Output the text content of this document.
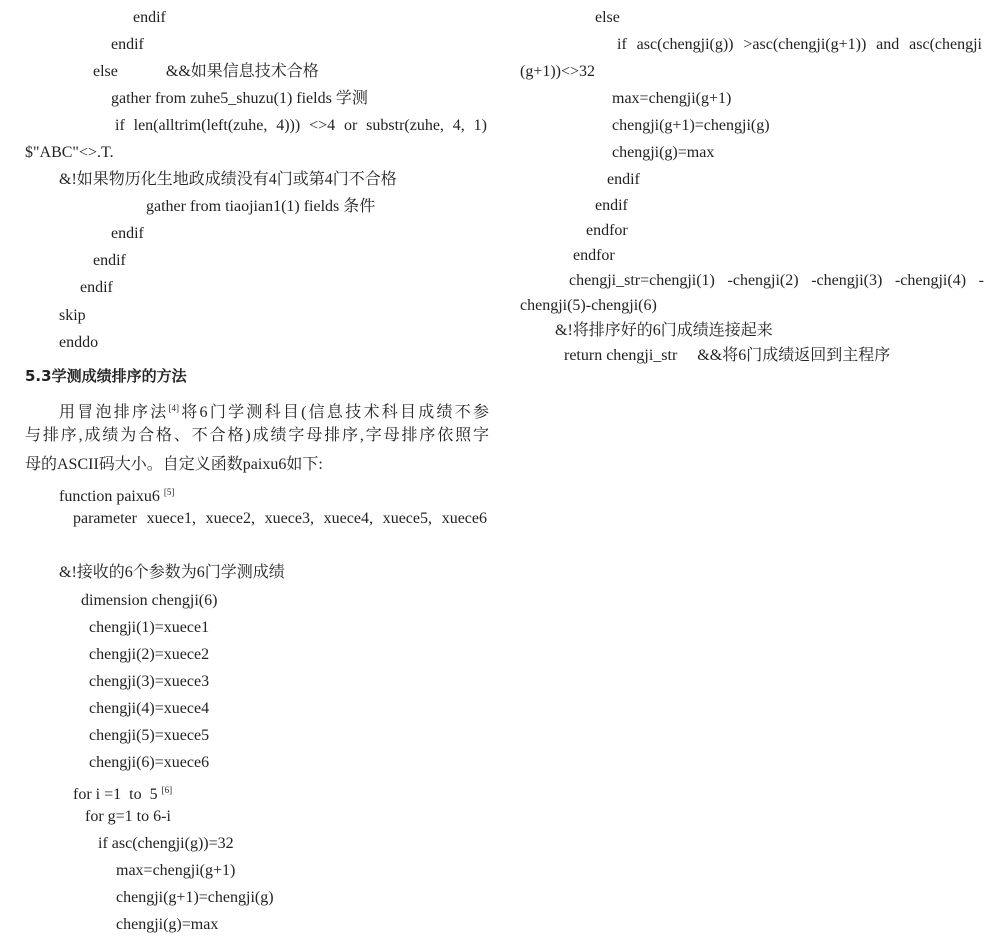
endif
endif
else            &&如果信息技术合格
gather from zuhe5_shuzu(1) fields 学测
if len(alltrim(left(zuhe, 4))) <>4 or substr(zuhe, 4, 1)
$"ABC"<>.T.
&!如果物历化生地政成绩没有4门或第4门不合格
gather from tiaojian1(1) fields 条件
endif
endif
endif
skip
enddo
5.3学测成绩排序的方法
用冒泡排序法[4]将6门学测科目(信息技术科目成绩不参
与排序,成绩为合格、不合格)成绩字母排序,字母排序依照字
母的ASCII码大小。自定义函数paixu6如下:
function paixu6 [5]
parameter xuece1, xuece2, xuece3, xuece4, xuece5, xuece6
&!接收的6个参数为6门学测成绩
dimension chengji(6)
chengji(1)=xuece1
chengji(2)=xuece2
chengji(3)=xuece3
chengji(4)=xuece4
chengji(5)=xuece5
chengji(6)=xuece6
for i =1  to  5 [6]
for g=1 to 6-i
if asc(chengji(g))=32
max=chengji(g+1)
chengji(g+1)=chengji(g)
chengji(g)=max
else
if asc(chengji(g)) >asc(chengji(g+1)) and asc(chengji
(g+1))<>32
max=chengji(g+1)
chengji(g+1)=chengji(g)
chengji(g)=max
endif
endif
endfor
endfor
chengji_str=chengji(1) -chengji(2) -chengji(3) -chengji(4) -
chengji(5)-chengji(6)
&!将排序好的6门成绩连接起来
return chengji_str     &&将6门成绩返回到主程序
